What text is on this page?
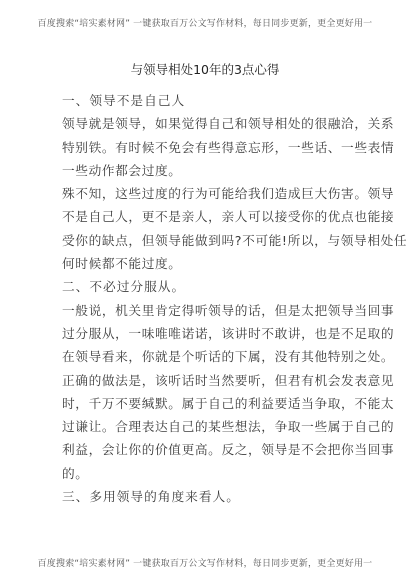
百度搜索“培实素材网” 一键获取百万公文写作材料，每日同步更新，更全更好用一
与领导相处10年的3点心得
一、领导不是自己人
领导就是领导，如果觉得自己和领导相处的很融洽，关系
特别铁。有时候不免会有些得意忘形，一些话、一些表情
一些动作都会过度。
殊不知，这些过度的行为可能给我们造成巨大伤害。领导
不是自己人，更不是亲人，亲人可以接受你的优点也能接
受你的缺点，但领导能做到吗?不可能!所以，与领导相处任
何时候都不能过度。
二、不必过分服从。
一般说，机关里肯定得听领导的话，但是太把领导当回事
过分服从，一味唯唯诺诺，该讲时不敢讲，也是不足取的
在领导看来，你就是个听话的下属，没有其他特别之处。
正确的做法是，该听话时当然要听，但君有机会发表意见
时，千万不要缄默。属于自己的利益要适当争取，不能太
过谦让。合理表达自己的某些想法，争取一些属于自己的
利益，会让你的价值更高。反之，领导是不会把你当回事
的。
三、多用领导的角度来看人。
百度搜索“培实素材网” 一键获取百万公文写作材料，每日同步更新，更全更好用一
